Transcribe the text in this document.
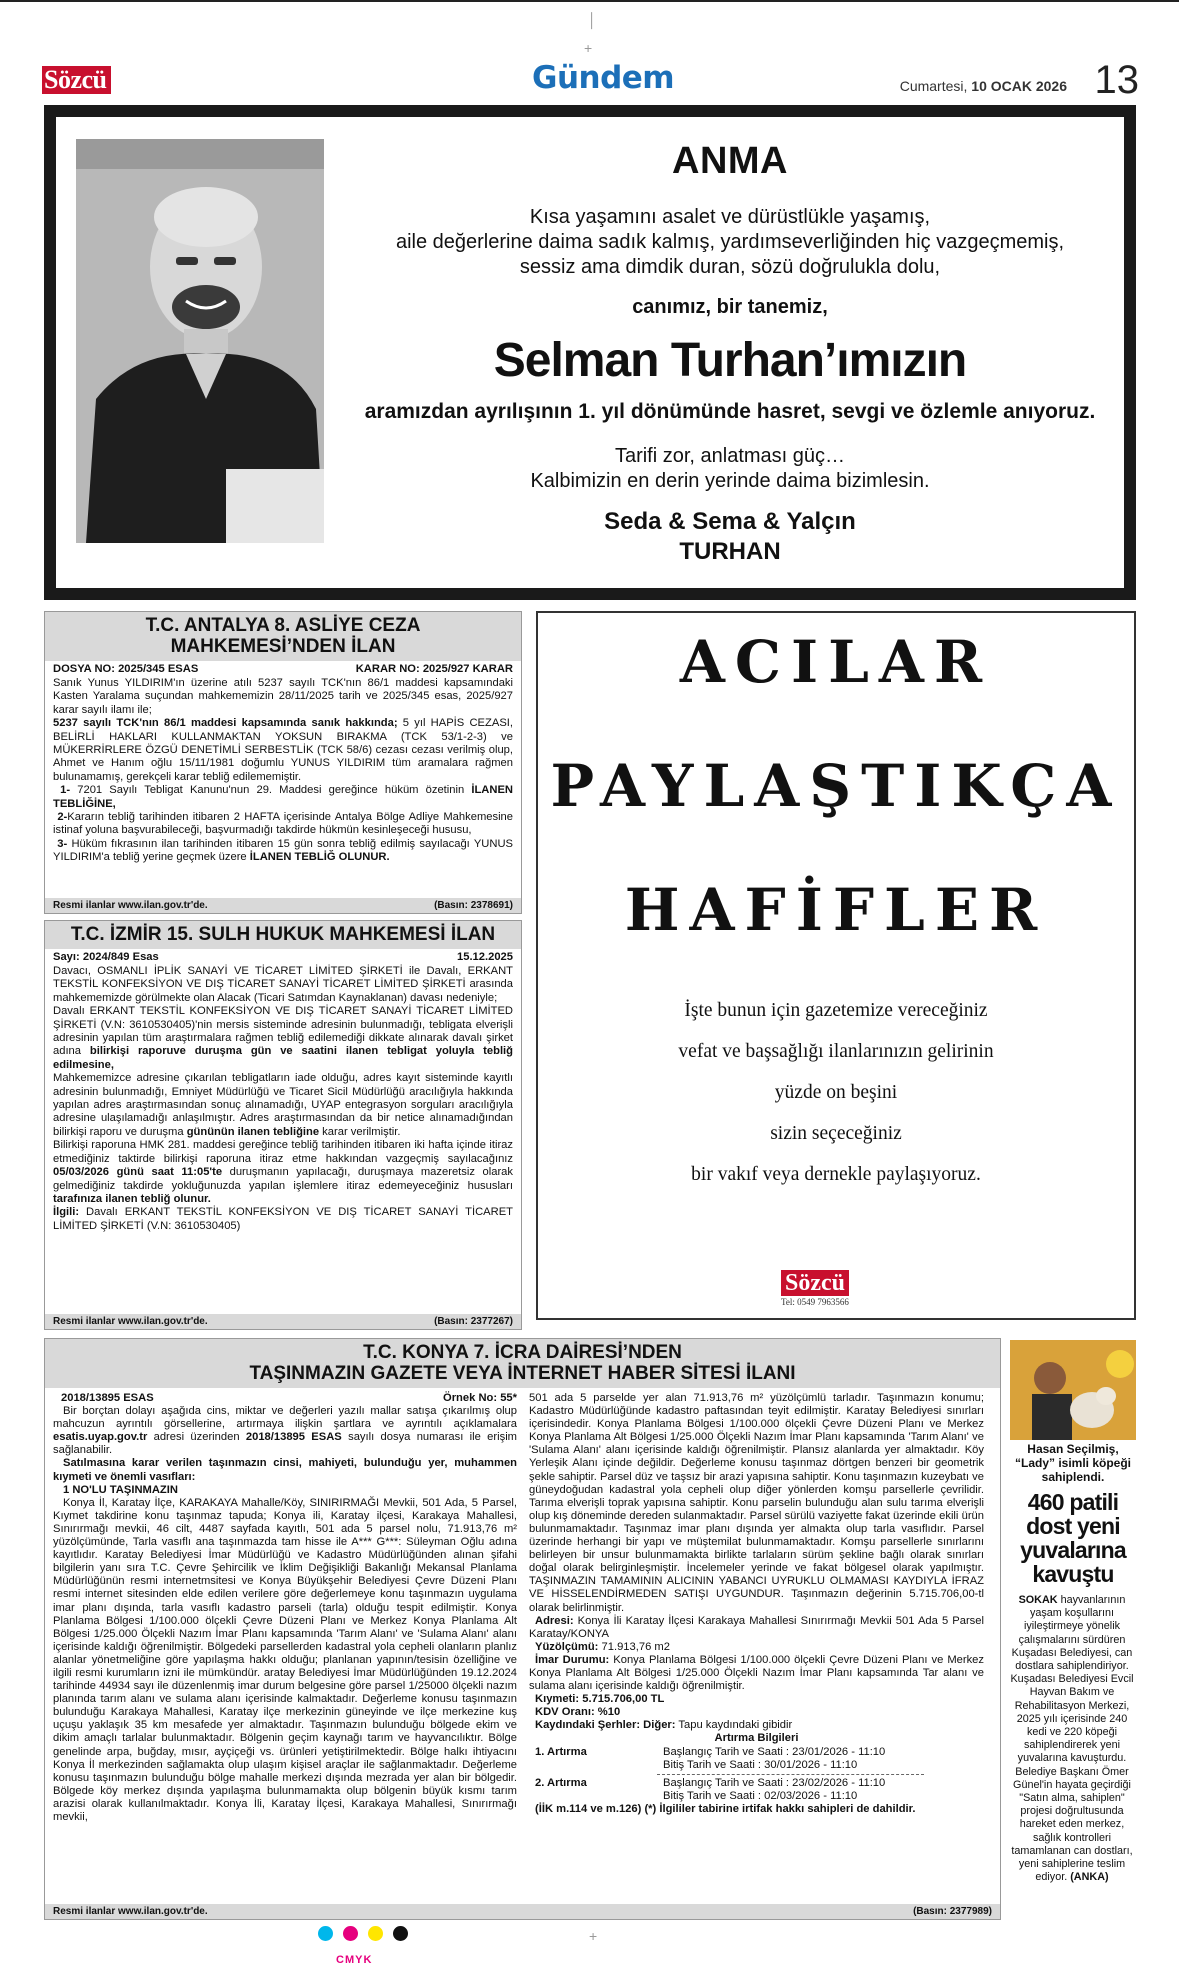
│
+
Sözcü	Gündem	Cumartesi, 10 OCAK 2026 13
ANMA
Kısa yaşamını asalet ve dürüstlükle yaşamış,
aile değerlerine daima sadık kalmış, yardımseverliğinden hiç vazgeçmemiş,
sessiz ama dimdik duran, sözü doğrulukla dolu,
canımız, bir tanemiz,
Selman Turhan’ımızın
aramızdan ayrılışının 1. yıl dönümünde hasret, sevgi ve özlemle anıyoruz.
Tarifi zor, anlatması güç…
Kalbimizin en derin yerinde daima bizimlesin.
Seda & Sema & Yalçın
TURHAN
T.C. ANTALYA 8. ASLİYE CEZA
MAHKEMESİ’NDEN İLAN
DOSYA NO: 2025/345 ESAS	KARAR NO: 2025/927 KARAR

Sanık Yunus YILDIRIM'ın üzerine atılı 5237 sayılı TCK'nın 86/1 maddesi kapsamındaki Kasten Yaralama suçundan mahkememizin 28/11/2025 tarih ve 2025/345 esas, 2025/927 karar sayılı ilamı ile;

5237 sayılı TCK'nın 86/1 maddesi kapsamında sanık hakkında; 5 yıl HAPİS CEZASI, BELİRLİ HAKLARI KULLANMAKTAN YOKSUN BIRAKMA (TCK 53/1-2-3) ve MÜKERRİRLERE ÖZGÜ DENETİMLİ SERBESTLİK (TCK 58/6) cezası cezası verilmiş olup, Ahmet ve Hanım oğlu 15/11/1981 doğumlu YUNUS YILDIRIM tüm aramalara rağmen bulunamamış, gerekçeli karar tebliğ edilememiştir.

1- 7201 Sayılı Tebligat Kanunu'nun 29. Maddesi gereğince hüküm özetinin İLANEN TEBLİĞİNE,

2-Kararın tebliğ tarihinden itibaren 2 HAFTA içerisinde Antalya Bölge Adliye Mahkemesine istinaf yoluna başvurabileceği, başvurmadığı takdirde hükmün kesinleşeceği hususu,

3- Hüküm fıkrasının ilan tarihinden itibaren 15 gün sonra tebliğ edilmiş sayılacağı YUNUS YILDIRIM'a tebliğ yerine geçmek üzere İLANEN TEBLİĞ OLUNUR.

Resmi ilanlar www.ilan.gov.tr'de.	(Basın: 2378691)
T.C. İZMİR 15. SULH HUKUK MAHKEMESİ İLAN
Sayı: 2024/849 Esas	15.12.2025

Davacı, OSMANLI İPLİK SANAYİ VE TİCARET LİMİTED ŞİRKETİ ile Davalı, ERKANT TEKSTİL KONFEKSİYON VE DIŞ TİCARET SANAYİ TİCARET LİMİTED ŞİRKETİ arasında mahkememizde görülmekte olan Alacak (Ticari Satımdan Kaynaklanan) davası nedeniyle;

Davalı ERKANT TEKSTİL KONFEKSİYON VE DIŞ TİCARET SANAYİ TİCARET LİMİTED ŞİRKETİ (V.N: 3610530405)'nin mersis sisteminde adresinin bulunmadığı, tebligata elverişli adresinin yapılan tüm araştırmalara rağmen tebliğ edilemediği dikkate alınarak davalı şirket adına bilirkişi raporuve duruşma gün ve saatini ilanen tebligat yoluyla tebliğ edilmesine,

Mahkememizce adresine çıkarılan tebligatların iade olduğu, adres kayıt sisteminde kayıtlı adresinin bulunmadığı, Emniyet Müdürlüğü ve Ticaret Sicil Müdürlüğü aracılığıyla hakkında yapılan adres araştırmasından sonuç alınamadığı, UYAP entegrasyon sorguları aracılığıyla adresine ulaşılamadığı anlaşılmıştır. Adres araştırmasından da bir netice alınamadığından bilirkişi raporu ve duruşma gününün ilanen tebliğine karar verilmiştir.

Bilirkişi raporuna HMK 281. maddesi gereğince tebliğ tarihinden itibaren iki hafta içinde itiraz etmediğiniz taktirde bilirkişi raporuna itiraz etme hakkından vazgeçmiş sayılacağınız 05/03/2026 günü saat 11:05'te duruşmanın yapılacağı, duruşmaya mazeretsiz olarak gelmediğiniz takdirde yokluğunuzda yapılan işlemlere itiraz edemeyeceğiniz hususları tarafınıza ilanen tebliğ olunur.

İlgili: Davalı ERKANT TEKSTİL KONFEKSİYON VE DIŞ TİCARET SANAYİ TİCARET LİMİTED ŞİRKETİ (V.N: 3610530405)

Resmi ilanlar www.ilan.gov.tr'de.	(Basın: 2377267)
ACILAR
PAYLAŞTIKÇA
HAFİFLER
İşte bunun için gazetemize vereceğiniz
vefat ve başsağlığı ilanlarınızın gelirinin
yüzde on beşini
sizin seçeceğiniz
bir vakıf veya dernekle paylaşıyoruz.
Sözcü
Tel: 0549 7963566
T.C. KONYA 7. İCRA DAİRESİ’NDEN
TAŞINMAZIN GAZETE VEYA İNTERNET HABER SİTESİ İLANI
2018/13895 ESAS	Örnek No: 55*

Bir borçtan dolayı aşağıda cins, miktar ve değerleri yazılı mallar satışa çıkarılmış olup mahcuzun ayrıntılı görsellerine, artırmaya ilişkin şartlara ve ayrıntılı açıklamalara esatis.uyap.gov.tr adresi üzerinden 2018/13895 ESAS sayılı dosya numarası ile erişim sağlanabilir.

Satılmasına karar verilen taşınmazın cinsi, mahiyeti, bulunduğu yer, muhammen kıymeti ve önemli vasıfları:

1 NO'LU TAŞINMAZIN

Konya İl, Karatay İlçe, KARAKAYA Mahalle/Köy, SINIRIRMAĞI Mevkii, 501 Ada, 5 Parsel, Kıymet takdirine konu taşınmaz tapuda; Konya ili, Karatay ilçesi, Karakaya Mahallesi, Sınırırmağı mevkii, 46 cilt, 4487 sayfada kayıtlı, 501 ada 5 parsel nolu, 71.913,76 m² yüzölçümünde, Tarla vasıflı ana taşınmazda tam hisse ile A*** G***: Süleyman Oğlu adına kayıtlıdır. Karatay Belediyesi İmar Müdürlüğü ve Kadastro Müdürlüğünden alınan şifahi bilgilerin yanı sıra T.C. Çevre Şehircilik ve İklim Değişikliği Bakanlığı Mekansal Planlama Müdürlüğünün resmi internetmsitesi ve Konya Büyükşehir Belediyesi Çevre Düzeni Planı resmi internet sitesinden elde edilen verilere göre değerlemeye konu taşınmazın uygulama imar planı dışında, tarla vasıflı kadastro parseli (tarla) olduğu tespit edilmiştir. Konya Planlama Bölgesi 1/100.000 ölçekli Çevre Düzeni Planı ve Merkez Konya Planlama Alt Bölgesi 1/25.000 Ölçekli Nazım İmar Planı kapsamında 'Tarım Alanı' ve 'Sulama Alanı' alanı içerisinde kaldığı öğrenilmiştir. Bölgedeki parsellerden kadastral yola cepheli olanların planlız alanlar yönetmeliğine göre yapılaşma hakkı olduğu; planlanan yapının/tesisin özelliğine ve ilgili resmi kurumların izni ile mümkündür. aratay Belediyesi İmar Müdürlüğünden 19.12.2024 tarihinde 44934 sayı ile düzenlenmiş imar durum belgesine göre parsel 1/25000 ölçekli nazım planında tarım alanı ve sulama alanı içerisinde kalmaktadır. Değerleme konusu taşınmazın bulunduğu Karakaya Mahallesi, Karatay ilçe merkezinin güneyinde ve ilçe merkezine kuş uçuşu yaklaşık 35 km mesafede yer almaktadır. Taşınmazın bulunduğu bölgede ekim ve dikim amaçlı tarlalar bulunmaktadır. Bölgenin geçim kaynağı tarım ve hayvancılıktır. Bölge genelinde arpa, buğday, mısır, ayçiçeği vs. ürünleri yetiştirilmektedir. Bölge halkı ihtiyacını Konya İl merkezinden sağlamakta olup ulaşım kişisel araçlar ile sağlanmaktadır. Değerleme konusu taşınmazın bulunduğu bölge mahalle merkezi dışında mezrada yer alan bir bölgedir. Bölgede köy merkez dışında yapılaşma bulunmamakta olup bölgenin büyük kısmı tarım arazisi olarak kullanılmaktadır. Konya İli, Karatay İlçesi, Karakaya Mahallesi, Sınırırmağı mevkii,

501 ada 5 parselde yer alan 71.913,76 m² yüzölçümlü tarladır. Taşınmazın konumu; Kadastro Müdürlüğünde kadastro paftasından teyit edilmiştir. Karatay Belediyesi sınırları içerisindedir. Konya Planlama Bölgesi 1/100.000 ölçekli Çevre Düzeni Planı ve Merkez Konya Planlama Alt Bölgesi 1/25.000 Ölçekli Nazım İmar Planı kapsamında 'Tarım Alanı' ve 'Sulama Alanı' alanı içerisinde kaldığı öğrenilmiştir. Plansız alanlarda yer almaktadır. Köy Yerleşik Alanı içinde değildir. Değerleme konusu taşınmaz dörtgen benzeri bir geometrik şekle sahiptir. Parsel düz ve taşsız bir arazi yapısına sahiptir. Konu taşınmazın kuzeybatı ve güneydoğudan kadastral yola cepheli olup diğer yönlerden komşu parsellerle çevrilidir. Tarıma elverişli toprak yapısına sahiptir. Konu parselin bulunduğu alan sulu tarıma elverişli olup kış döneminde dereden sulanmaktadır. Parsel sürülü vaziyette fakat üzerinde ekili ürün bulunmamaktadır. Taşınmaz imar planı dışında yer almakta olup tarla vasıflıdır. Parsel üzerinde herhangi bir yapı ve müştemilat bulunmamaktadır. Komşu parsellerle sınırlarını belirleyen bir unsur bulunmamakta birlikte tarlaların sürüm şekline bağlı olarak sınırları doğal olarak belirginleşmiştir. İncelemeler yerinde ve fakat bölgesel olarak yapılmıştır. TAŞINMAZIN TAMAMININ ALICININ YABANCI UYRUKLU OLMAMASI KAYDIYLA İFRAZ VE HİSSELENDİRMEDEN SATIŞI UYGUNDUR. Taşınmazın değerinin 5.715.706,00-tl olarak belirlinmiştir.

Adresi: Konya İli Karatay İlçesi Karakaya Mahallesi Sınırırmağı Mevkii 501 Ada 5 Parsel Karatay/KONYA

Yüzölçümü: 71.913,76 m2

İmar Durumu: Konya Planlama Bölgesi 1/100.000 ölçekli Çevre Düzeni Planı ve Merkez Konya Planlama Alt Bölgesi 1/25.000 Ölçekli Nazım İmar Planı kapsamında Tar alanı ve sulama alanı içerisinde kaldığı öğrenilmiştir.

Kıymeti: 5.715.706,00 TL

KDV Oranı: %10

Kaydındaki Şerhler: Diğer: Tapu kaydındaki gibidir

Artırma Bilgileri

1. Artırma	Başlangıç Tarih ve Saati : 23/01/2026 - 11:10
Bitiş Tarih ve Saati : 30/01/2026 - 11:10
2. Artırma	Başlangıç Tarih ve Saati : 23/02/2026 - 11:10
Bitiş Tarih ve Saati : 02/03/2026 - 11:10

(İİK m.114 ve m.126) (*) İlgililer tabirine irtifak hakkı sahipleri de dahildir.

Resmi ilanlar www.ilan.gov.tr'de.	(Basın: 2377989)
Hasan Seçilmiş, “Lady” isimli köpeği sahiplendi.
460 patili dost yeni yuvalarına kavuştu
SOKAK hayvanlarının yaşam koşullarını iyileştirmeye yönelik çalışmalarını sürdüren Kuşadası Belediyesi, can dostlara sahiplendiriyor. Kuşadası Belediyesi Evcil Hayvan Bakım ve Rehabilitasyon Merkezi, 2025 yılı içerisinde 240 kedi ve 220 köpeği sahiplendirerek yeni yuvalarına kavuşturdu. Belediye Başkanı Ömer Günel'in hayata geçirdiği "Satın alma, sahiplen" projesi doğrultusunda hareket eden merkez, sağlık kontrolleri tamamlanan can dostları, yeni sahiplerine teslim ediyor. (ANKA)
CMYK
+
